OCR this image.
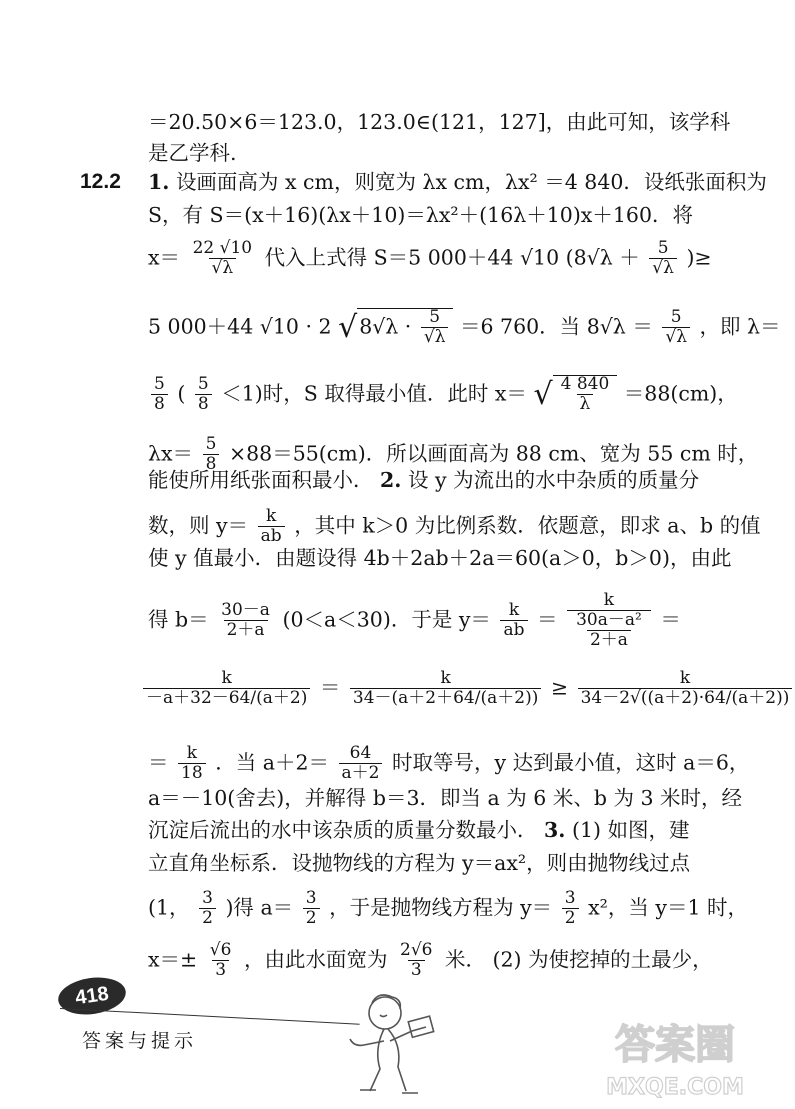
＝20.50×6＝123.0，123.0∈(121，127]，由此可知，该学科
是乙学科.
12.2 1. 设画面高为 x cm，则宽为 λx cm，λx² ＝4 840．设纸张面积为
S，有 S＝(x＋16)(λx＋10)＝λx²＋(16λ＋10)x＋160．将
$x= \frac{22 √10}{√\lambda}$ 代入上式得 S＝5 000＋44 √10 ($8√\lambda + \frac{5}{√\lambda}$ )≥
5 000＋44 √10 · 2 $√8√\lambda \cdot \frac{5}{√\lambda} =6$ 760．当 $8√\lambda = \frac{5}{√\lambda}$ ，即 λ＝
$\frac{5}{8}$ ( $\frac{5}{8} <1$)时，S 取得最小值．此时 x＝ √ $\frac{4 840}{\lambda} =88(cm)$，
$\lambda x= \frac{5}{8} \times 88=55(cm)$．所以画面高为 88 cm、宽为 55 cm 时，
能使所用纸张面积最小． 2. 设 y 为流出的水中杂质的质量分
数，则 $y= \frac{k}{ab}$ ，其中 k＞0 为比例系数．依题意，即求 a、b 的值
使 y 值最小．由题设得 4b＋2ab＋2a＝60(a＞0，b＞0)，由此
得 $b= \frac{30-a}{2+a} (0<a<30)$．于是 $y= \frac{k}{ab} = \frac{k}{\frac{\text{30a－a²}}{2+a}}$ ＝
$\frac{k}{-a+32-64/(a+2)} = \frac{k}{34-(a+2+64/(a+2))} \ge \frac{k}{34-2√((a+2)\cdot 64/(a+2))}$
＝ $\frac{k}{18}$ ．当 $a+2= \frac{64}{a+2}$ 时取等号，y 达到最小值，这时 a＝6，
a＝－10(舍去)，并解得 b＝3．即当 a 为 6 米、b 为 3 米时，经
沉淀后流出的水中该杂质的质量分数最小． 3. (1) 如图，建
立直角坐标系．设抛物线的方程为 y＝ax²，则由抛物线过点
(1， $\frac{3}{2}$ )得 $a= \frac{3}{2}$ ，于是抛物线方程为 $y= \frac{3}{2} x^2$，当 y＝1 时，
$x=\pm \frac{√6}{3}$ ，由此水面宽为 $\frac{2√6}{3}$ 米． (2) 为使挖掉的土最少，
418
答案与提示	答案圈
MXQE.COM
